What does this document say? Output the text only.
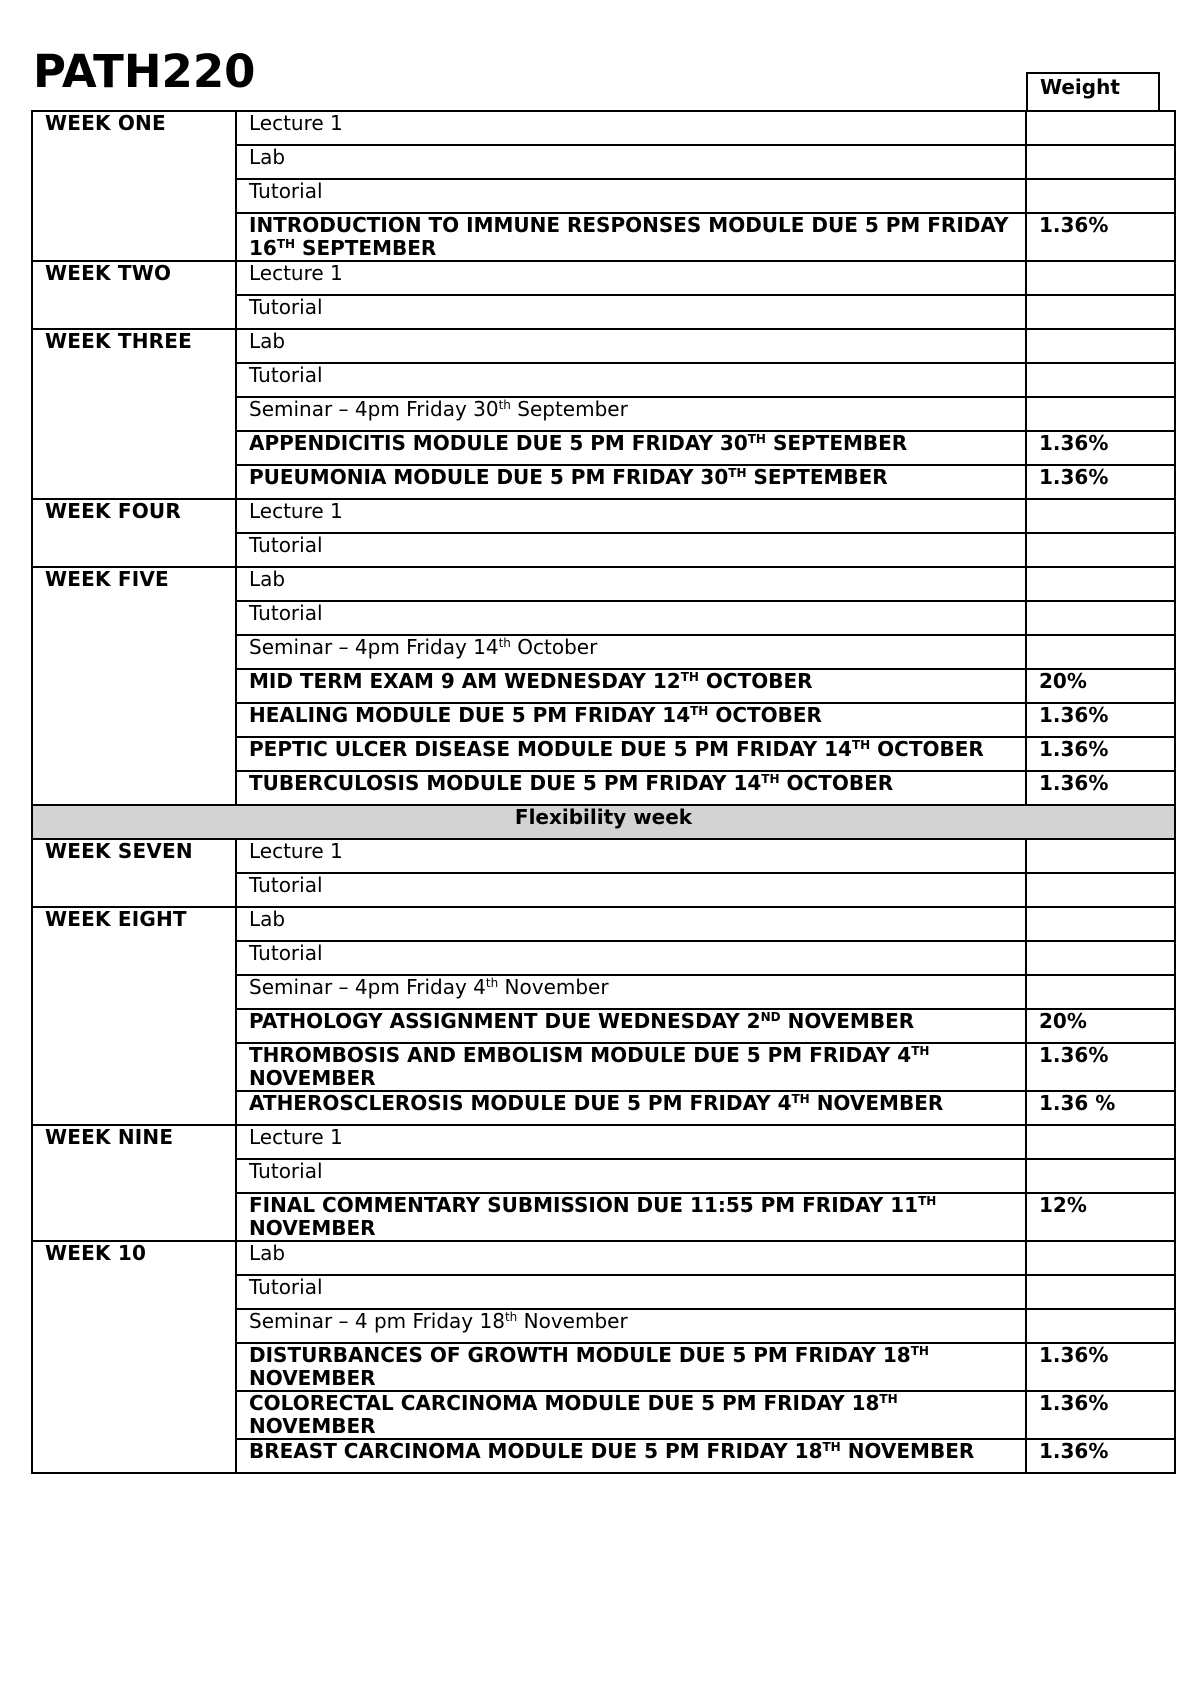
PATH220	Weight
WEEK ONE	Lecture 1	
	Lab	
	Tutorial	
	INTRODUCTION TO IMMUNE RESPONSES MODULE DUE 5 PM FRIDAY 16TH SEPTEMBER	1.36%
WEEK TWO	Lecture 1	
	Tutorial	
WEEK THREE	Lab	
	Tutorial	
	Seminar – 4pm Friday 30th September	
	APPENDICITIS MODULE DUE 5 PM FRIDAY 30TH SEPTEMBER	1.36%
	PUEUMONIA MODULE DUE 5 PM FRIDAY 30TH SEPTEMBER	1.36%
WEEK FOUR	Lecture 1	
	Tutorial	
WEEK FIVE	Lab	
	Tutorial	
	Seminar – 4pm Friday 14th October	
	MID TERM EXAM 9 AM WEDNESDAY 12TH OCTOBER	20%
	HEALING MODULE DUE 5 PM FRIDAY 14TH OCTOBER	1.36%
	PEPTIC ULCER DISEASE MODULE DUE 5 PM FRIDAY 14TH OCTOBER	1.36%
	TUBERCULOSIS MODULE DUE 5 PM FRIDAY 14TH OCTOBER	1.36%
Flexibility week		
WEEK SEVEN	Lecture 1	
	Tutorial	
WEEK EIGHT	Lab	
	Tutorial	
	Seminar – 4pm Friday 4th November	
	PATHOLOGY ASSIGNMENT DUE WEDNESDAY 2ND NOVEMBER	20%
	THROMBOSIS AND EMBOLISM MODULE DUE 5 PM FRIDAY 4TH NOVEMBER	1.36%
	ATHEROSCLEROSIS MODULE DUE 5 PM FRIDAY 4TH NOVEMBER	1.36 %
WEEK NINE	Lecture 1	
	Tutorial	
	FINAL COMMENTARY SUBMISSION DUE 11:55 PM FRIDAY 11TH NOVEMBER	12%
WEEK 10	Lab	
	Tutorial	
	Seminar – 4 pm Friday 18th November	
	DISTURBANCES OF GROWTH MODULE DUE 5 PM FRIDAY 18TH NOVEMBER	1.36%
	COLORECTAL CARCINOMA MODULE DUE 5 PM FRIDAY 18TH NOVEMBER	1.36%
	BREAST CARCINOMA MODULE DUE 5 PM FRIDAY 18TH NOVEMBER	1.36%
